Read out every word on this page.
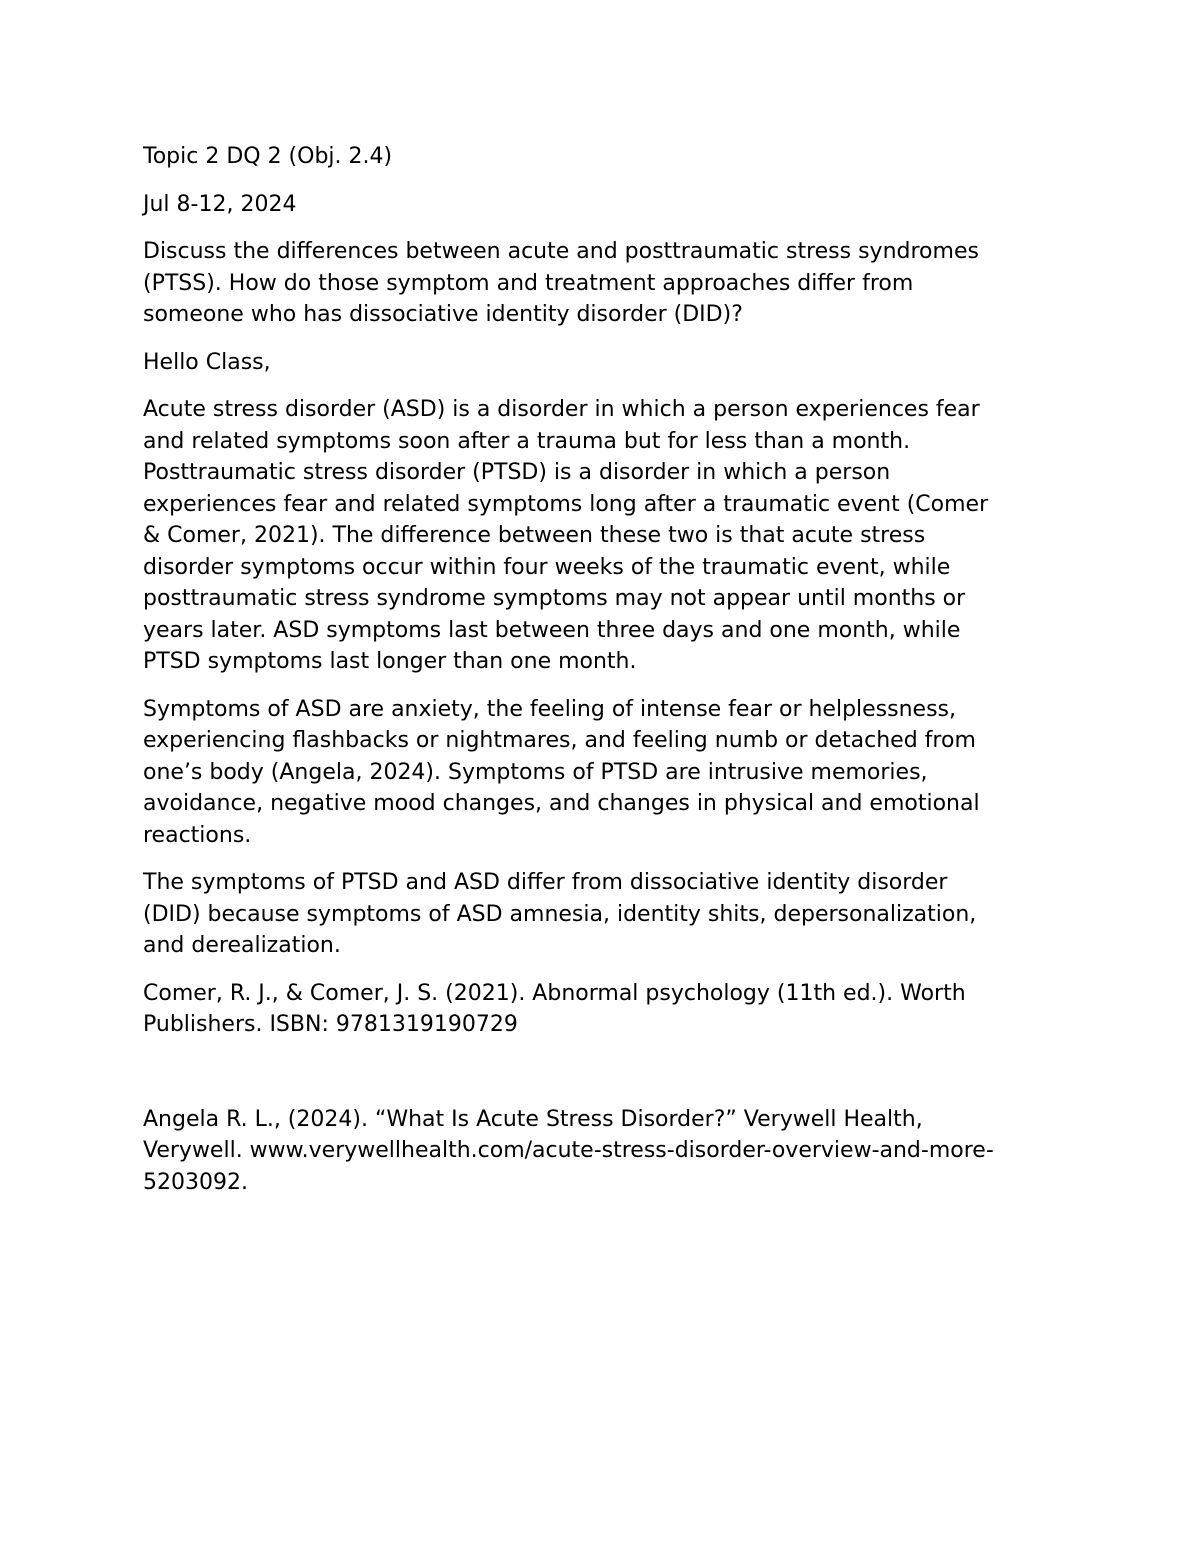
Topic 2 DQ 2 (Obj. 2.4)
Jul 8-12, 2024
Discuss the differences between acute and posttraumatic stress syndromes
(PTSS). How do those symptom and treatment approaches differ from
someone who has dissociative identity disorder (DID)?
Hello Class,
Acute stress disorder (ASD) is a disorder in which a person experiences fear
and related symptoms soon after a trauma but for less than a month.
Posttraumatic stress disorder (PTSD) is a disorder in which a person
experiences fear and related symptoms long after a traumatic event (Comer
& Comer, 2021). The difference between these two is that acute stress
disorder symptoms occur within four weeks of the traumatic event, while
posttraumatic stress syndrome symptoms may not appear until months or
years later. ASD symptoms last between three days and one month, while
PTSD symptoms last longer than one month.
Symptoms of ASD are anxiety, the feeling of intense fear or helplessness,
experiencing flashbacks or nightmares, and feeling numb or detached from
one’s body (Angela, 2024). Symptoms of PTSD are intrusive memories,
avoidance, negative mood changes, and changes in physical and emotional
reactions.
The symptoms of PTSD and ASD differ from dissociative identity disorder
(DID) because symptoms of ASD amnesia, identity shits, depersonalization,
and derealization.
Comer, R. J., & Comer, J. S. (2021). Abnormal psychology (11th ed.). Worth
Publishers. ISBN: 9781319190729
Angela R. L., (2024). “What Is Acute Stress Disorder?” Verywell Health,
Verywell. www.verywellhealth.com/acute-stress-disorder-overview-and-more-
5203092.
